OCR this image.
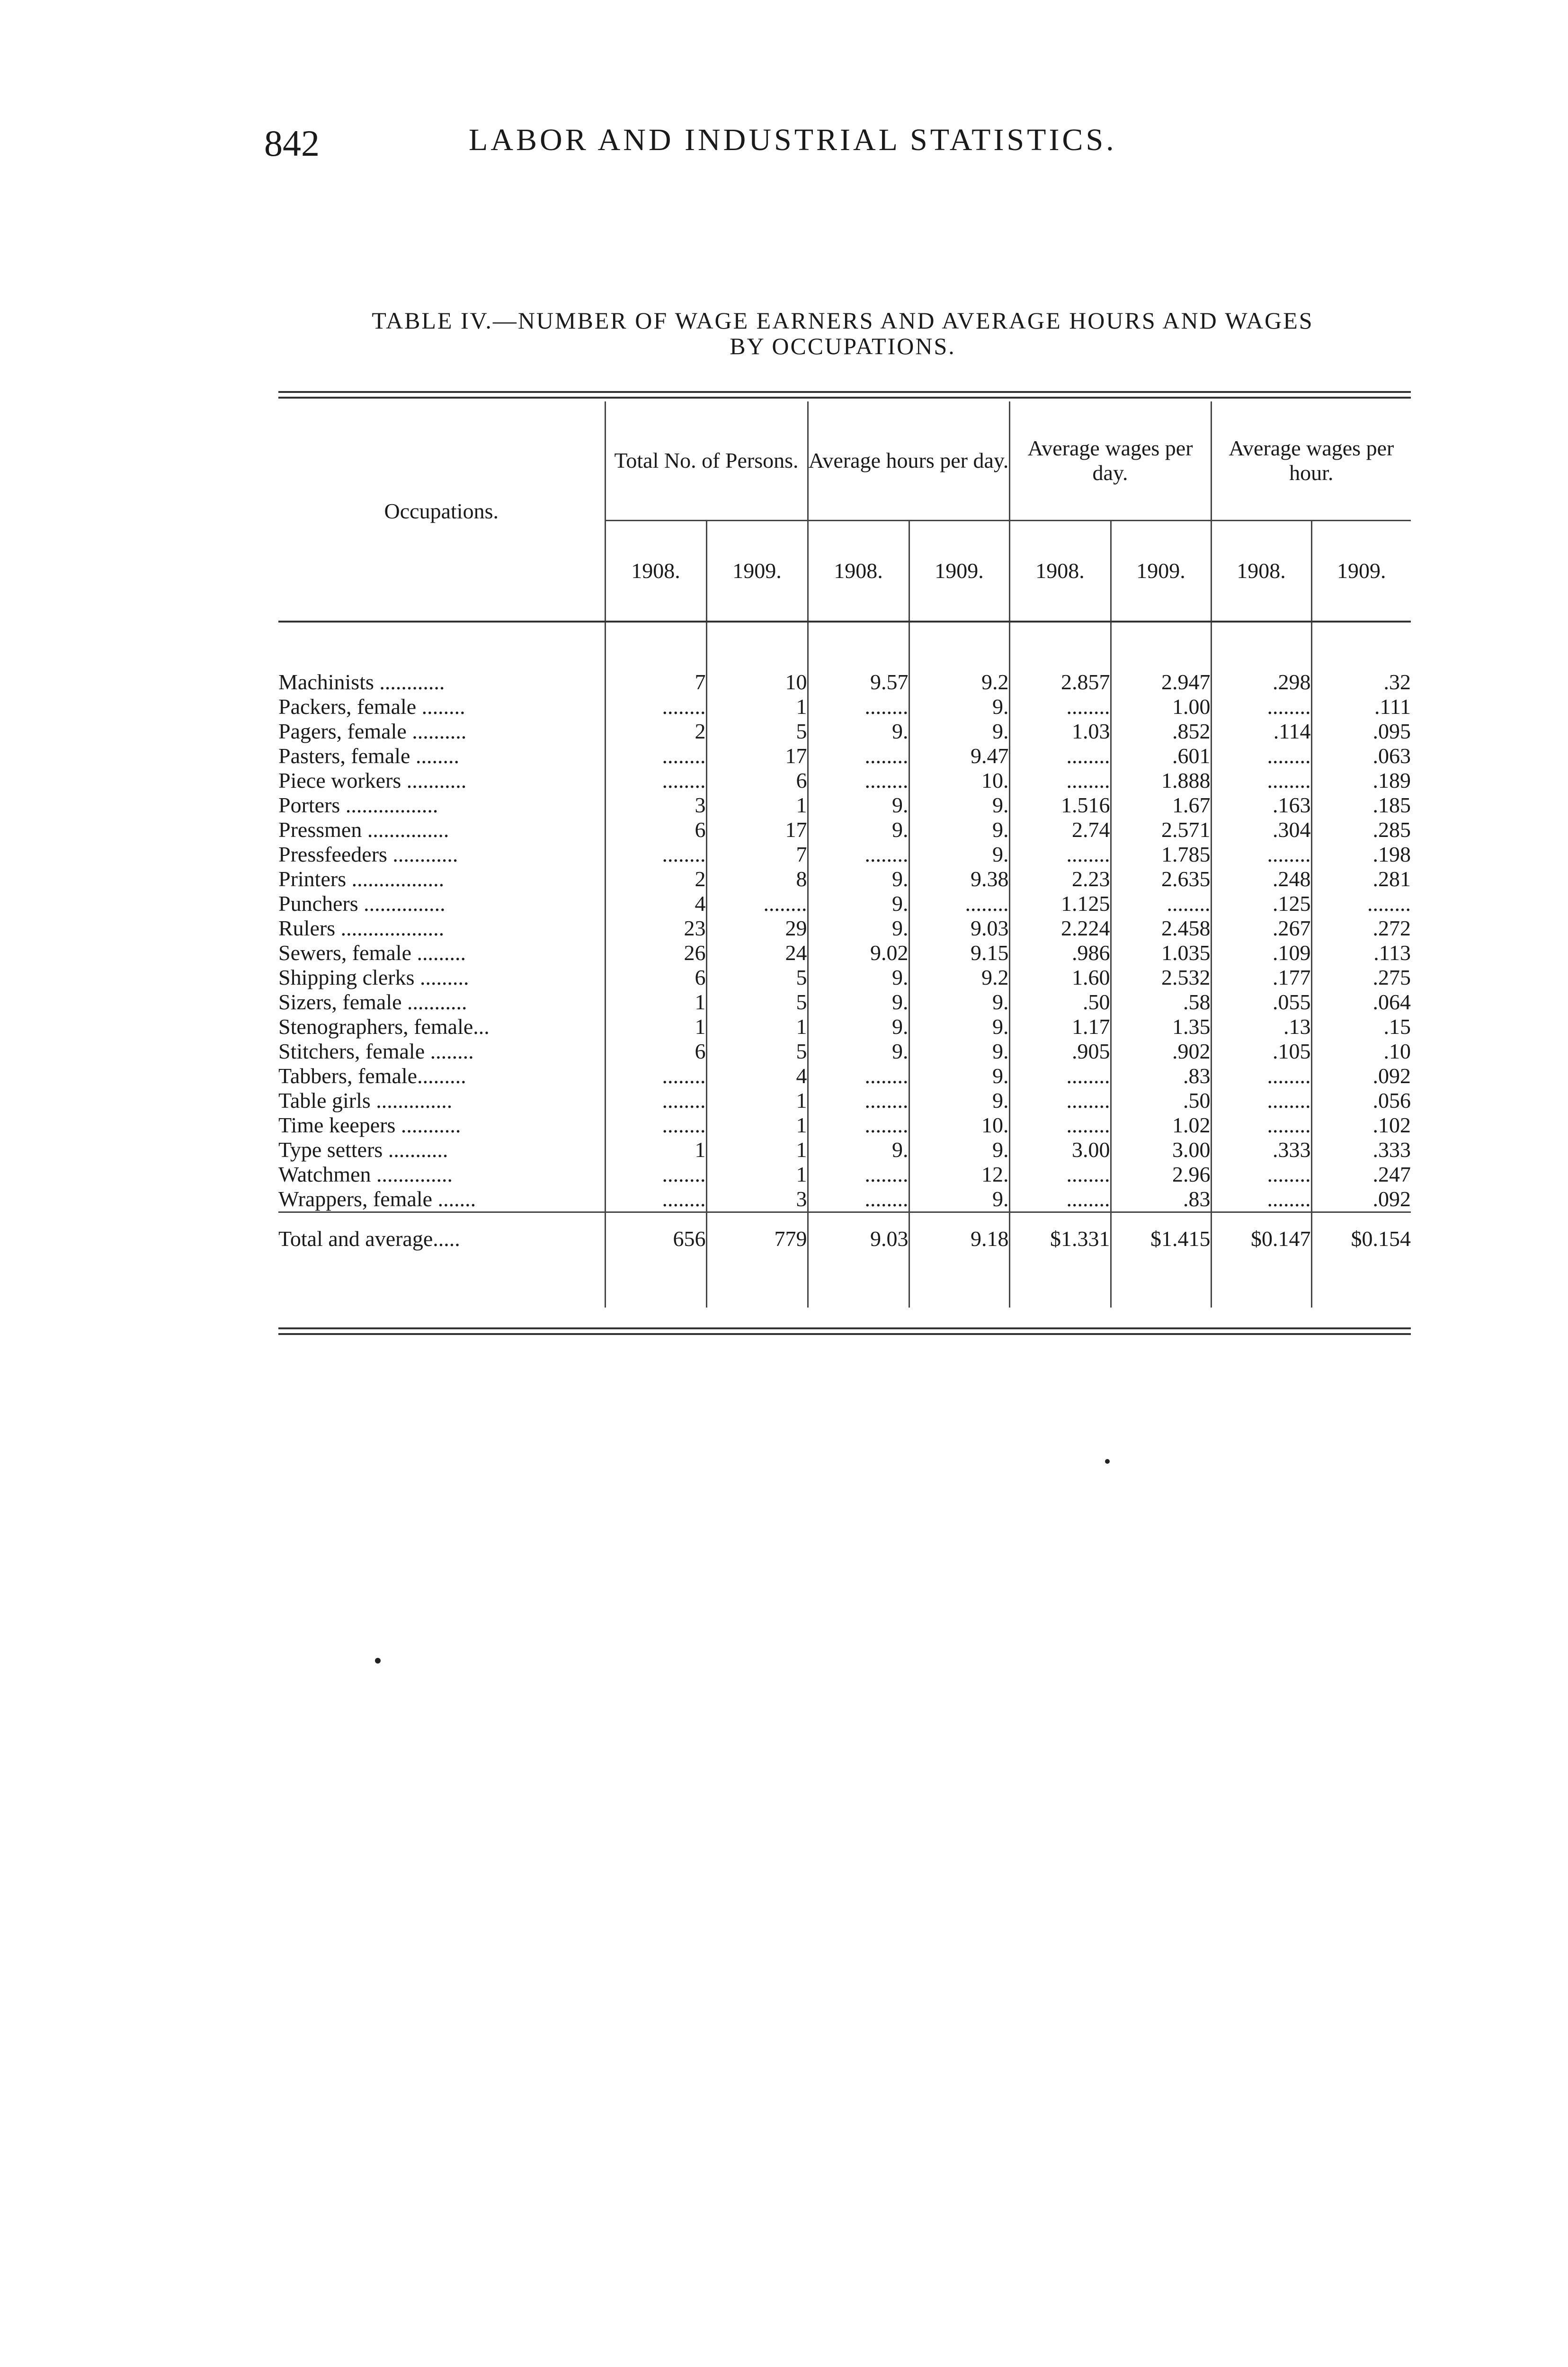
842	LABOR AND INDUSTRIAL STATISTICS.
TABLE IV.—NUMBER OF WAGE EARNERS AND AVERAGE HOURS AND WAGES
BY OCCUPATIONS.
Occupations.	Total No. of Persons.		Average hours per day.		Average wages per day.		Average wages per hour.	
	1908.	1909.	1908.	1909.	1908.	1909.	1908.	1909.

Machinists ............	7	10	9.57	9.2	2.857	2.947	.298	.32
Packers, female ........	........	1	........	9.	........	1.00	........	.111
Pagers, female ..........	2	5	9.	9.	1.03	.852	.114	.095
Pasters, female ........	........	17	........	9.47	........	.601	........	.063
Piece workers ...........	........	6	........	10.	........	1.888	........	.189
Porters .................	3	1	9.	9.	1.516	1.67	.163	.185
Pressmen ...............	6	17	9.	9.	2.74	2.571	.304	.285
Pressfeeders ............	........	7	........	9.	........	1.785	........	.198
Printers .................	2	8	9.	9.38	2.23	2.635	.248	.281
Punchers ...............	4	........	9.	........	1.125	........	.125	........
Rulers ...................	23	29	9.	9.03	2.224	2.458	.267	.272
Sewers, female .........	26	24	9.02	9.15	.986	1.035	.109	.113
Shipping clerks .........	6	5	9.	9.2	1.60	2.532	.177	.275
Sizers, female ...........	1	5	9.	9.	.50	.58	.055	.064
Stenographers, female...	1	1	9.	9.	1.17	1.35	.13	.15
Stitchers, female ........	6	5	9.	9.	.905	.902	.105	.10
Tabbers, female.........	........	4	........	9.	........	.83	........	.092
Table girls ..............	........	1	........	9.	........	.50	........	.056
Time keepers ...........	........	1	........	10.	........	1.02	........	.102
Type setters ...........	1	1	9.	9.	3.00	3.00	.333	.333
Watchmen ..............	........	1	........	12.	........	2.96	........	.247
Wrappers, female .......	........	3	........	9.	........	.83	........	.092

Total and average.....	656	779	9.03	9.18	$1.331	$1.415	$0.147	$0.154
